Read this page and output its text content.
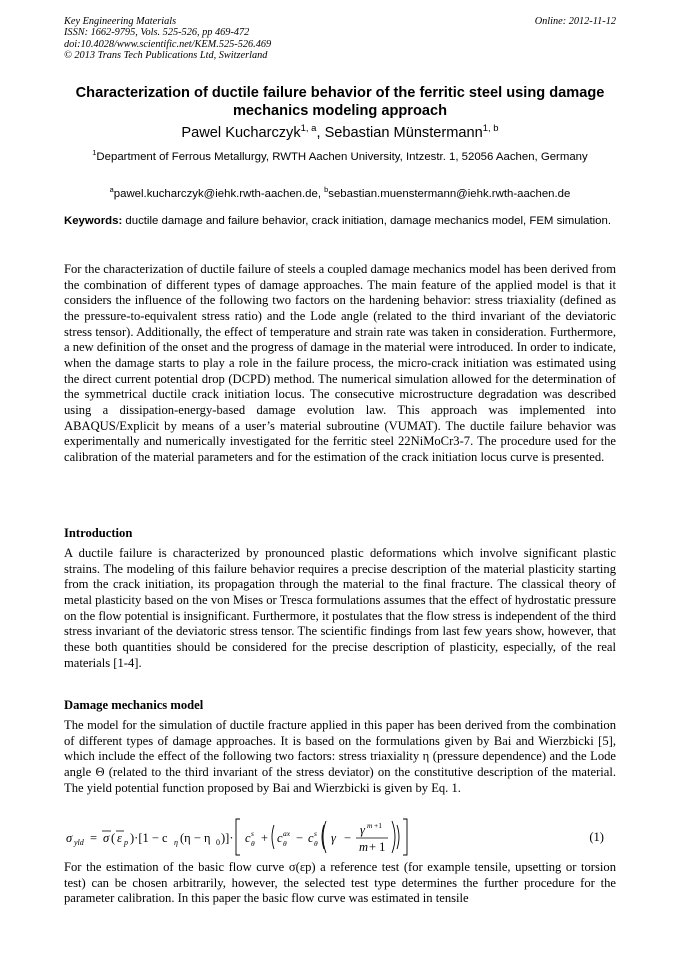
Key Engineering Materials
ISSN: 1662-9795, Vols. 525-526, pp 469-472
doi:10.4028/www.scientific.net/KEM.525-526.469
© 2013 Trans Tech Publications Ltd, Switzerland
Online: 2012-11-12
Characterization of ductile failure behavior of the ferritic steel using damage mechanics modeling approach
Pawel Kucharczyk$^{1, a}$, Sebastian Münstermann$^{1, b}$
$^1$Department of Ferrous Metallurgy, RWTH Aachen University, Intzestr. 1, 52056 Aachen, Germany
$^a$pawel.kucharczyk@iehk.rwth-aachen.de, $^b$sebastian.muenstermann@iehk.rwth-aachen.de
Keywords: ductile damage and failure behavior, crack initiation, damage mechanics model, FEM simulation.

For the characterization of ductile failure of steels a coupled damage mechanics model has been derived from the combination of different types of damage approaches. The main feature of the applied model is that it considers the influence of the following two factors on the hardening behavior: stress triaxiality (defined as the pressure-to-equivalent stress ratio) and the Lode angle (related to the third invariant of the deviatoric stress tensor). Additionally, the effect of temperature and strain rate was taken in consideration. Furthermore, a new definition of the onset and the progress of damage in the material were introduced. In order to indicate, when the damage starts to play a role in the failure process, the micro-crack initiation was estimated using the direct current potential drop (DCPD) method. The numerical simulation allowed for the determination of the symmetrical ductile crack initiation locus. The consecutive microstructure degradation was described using a dissipation-energy-based damage evolution law. This approach was implemented into ABAQUS/Explicit by means of a user’s material subroutine (VUMAT). The ductile failure behavior was experimentally and numerically investigated for the ferritic steel 22NiMoCr3-7. The procedure used for the calibration of the material parameters and for the estimation of the crack initiation locus curve is presented.

Introduction

A ductile failure is characterized by pronounced plastic deformations which involve significant plastic strains. The modeling of this failure behavior requires a precise description of the material plasticity starting from the crack initiation, its propagation through the material to the final fracture. The classical theory of metal plasticity based on the von Mises or Tresca formulations assumes that the effect of hydrostatic pressure on the flow potential is insignificant. Furthermore, it postulates that the flow stress is independent of the third stress invariant of the deviatoric stress tensor. The scientific findings from last few years show, however, that these both quantities should be considered for the precise description of plasticity, especially, of the real materials [1-4].

Damage mechanics model

The model for the simulation of ductile fracture applied in this paper has been derived from the combination of different types of damage approaches. It is based on the formulations given by Bai and Wierzbicki [5], which include the effect of the following two factors: stress triaxiality η (pressure dependence) and the Lode angle Θ (related to the third invariant of the stress deviator) on the constitutive description of the material. The yield potential function proposed by Bai and Wierzbicki is given by Eq. 1.

σ yld = σ ( ε p )·[1 − c η (η − η 0 )]· c s
θ + c ax
θ − c s
θ γ −
γ m +1
m + 1
(1)

For the estimation of the basic flow curve σ(εp) a reference test (for example tensile, upsetting or torsion test) can be chosen arbitrarily, however, the selected test type determines the further procedure for the parameter calibration. In this paper the basic flow curve was estimated in tensile
